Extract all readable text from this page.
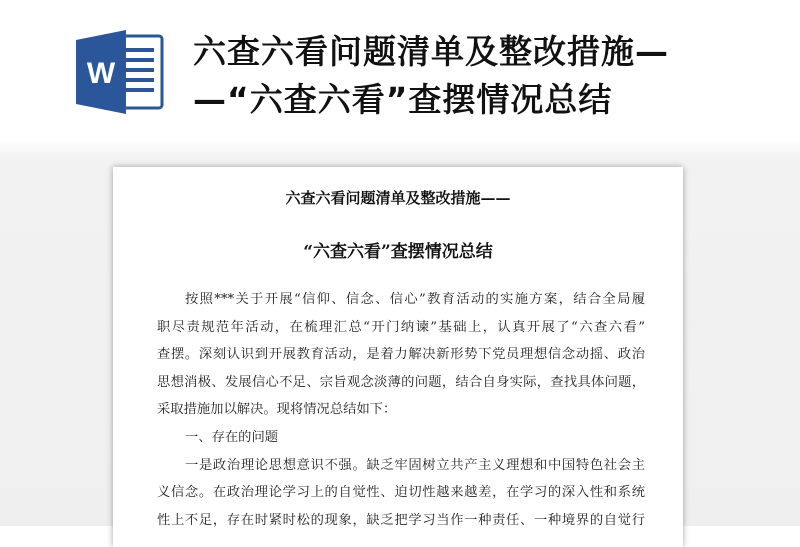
W
六查六看问题清单及整改措施—
—“六查六看”查摆情况总结
六查六看问题清单及整改措施——
“六查六看”查摆情况总结
按照***关于开展“信仰、信念、信心”教育活动的实施方案，结合全局履
职尽责规范年活动，在梳理汇总“开门纳谏”基础上，认真开展了“六查六看”
查摆。深刻认识到开展教育活动，是着力解决新形势下党员理想信念动摇、政治
思想消极、发展信心不足、宗旨观念淡薄的问题，结合自身实际，查找具体问题，
采取措施加以解决。现将情况总结如下：
一、存在的问题
一是政治理论思想意识不强。缺乏牢固树立共产主义理想和中国特色社会主
义信念。在政治理论学习上的自觉性、迫切性越来越差，在学习的深入性和系统
性上不足，存在时紧时松的现象，缺乏把学习当作一种责任、一种境界的自觉行
